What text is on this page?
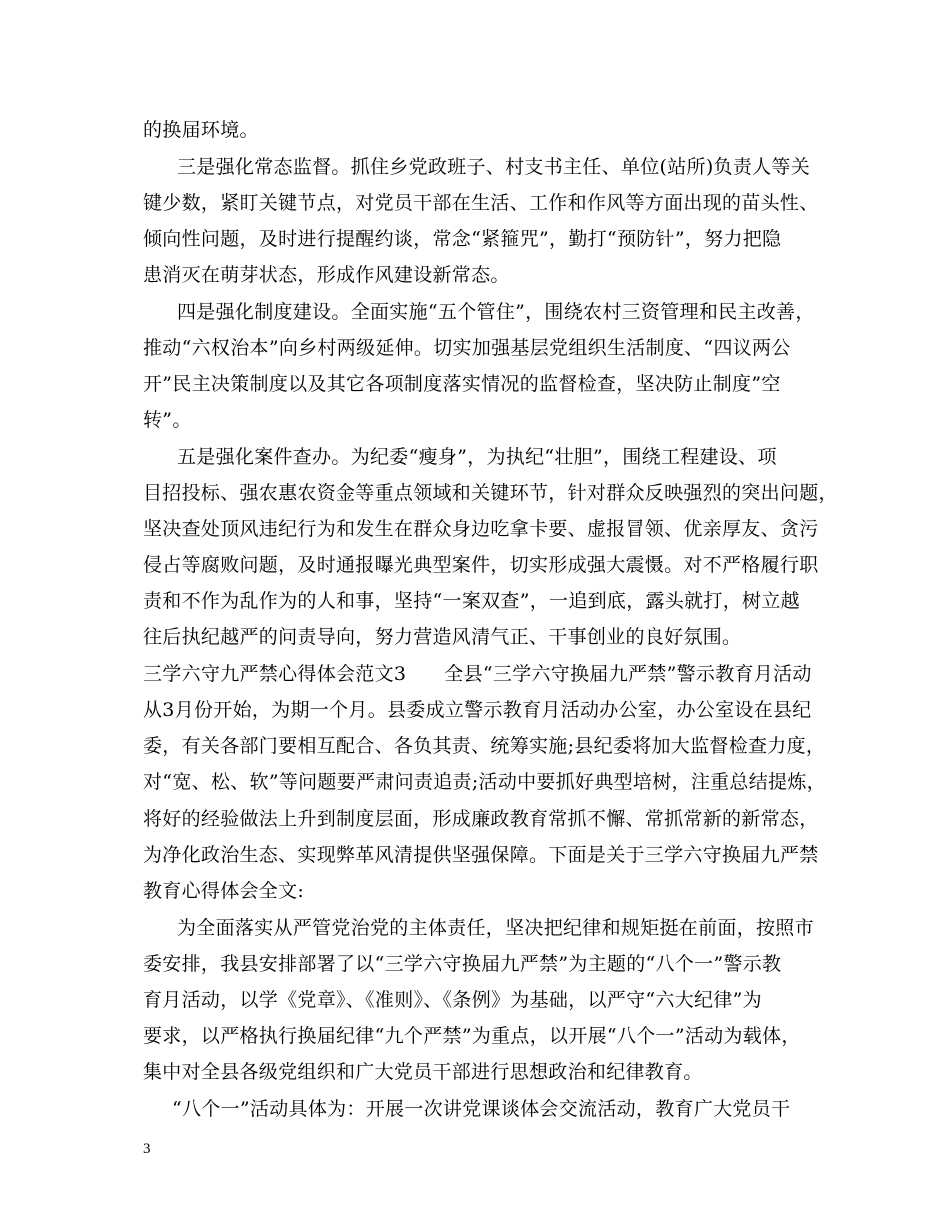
的换届环境。
三是强化常态监督。抓住乡党政班子、村支书主任、单位(站所)负责人等关
键少数，紧盯关键节点，对党员干部在生活、工作和作风等方面出现的苗头性、
倾向性问题，及时进行提醒约谈，常念“紧箍咒”，勤打“预防针”，努力把隐
患消灭在萌芽状态，形成作风建设新常态。
四是强化制度建设。全面实施“五个管住”，围绕农村三资管理和民主改善，
推动“六权治本”向乡村两级延伸。切实加强基层党组织生活制度、“四议两公
开”民主决策制度以及其它各项制度落实情况的监督检查，坚决防止制度”空
转”。
五是强化案件查办。为纪委“瘦身”，为执纪“壮胆”，围绕工程建设、项
目招投标、强农惠农资金等重点领域和关键环节，针对群众反映强烈的突出问题，
坚决查处顶风违纪行为和发生在群众身边吃拿卡要、虚报冒领、优亲厚友、贪污
侵占等腐败问题，及时通报曝光典型案件，切实形成强大震慑。对不严格履行职
责和不作为乱作为的人和事，坚持“一案双查”，一追到底，露头就打，树立越
往后执纪越严的问责导向，努力营造风清气正、干事创业的良好氛围。
三学六守九严禁心得体会范文3 全县“三学六守换届九严禁”警示教育月活动
从3月份开始，为期一个月。县委成立警示教育月活动办公室，办公室设在县纪
委，有关各部门要相互配合、各负其责、统筹实施;县纪委将加大监督检查力度，
对“宽、松、软”等问题要严肃问责追责;活动中要抓好典型培树，注重总结提炼，
将好的经验做法上升到制度层面，形成廉政教育常抓不懈、常抓常新的新常态，
为净化政治生态、实现弊革风清提供坚强保障。下面是关于三学六守换届九严禁
教育心得体会全文:
为全面落实从严管党治党的主体责任，坚决把纪律和规矩挺在前面，按照市
委安排，我县安排部署了以“三学六守换届九严禁”为主题的“八个一”警示教
育月活动，以学《党章》、《准则》、《条例》为基础，以严守“六大纪律”为
要求，以严格执行换届纪律“九个严禁”为重点，以开展“八个一”活动为载体，
集中对全县各级党组织和广大党员干部进行思想政治和纪律教育。
“八个一”活动具体为：开展一次讲党课谈体会交流活动，教育广大党员干
3
